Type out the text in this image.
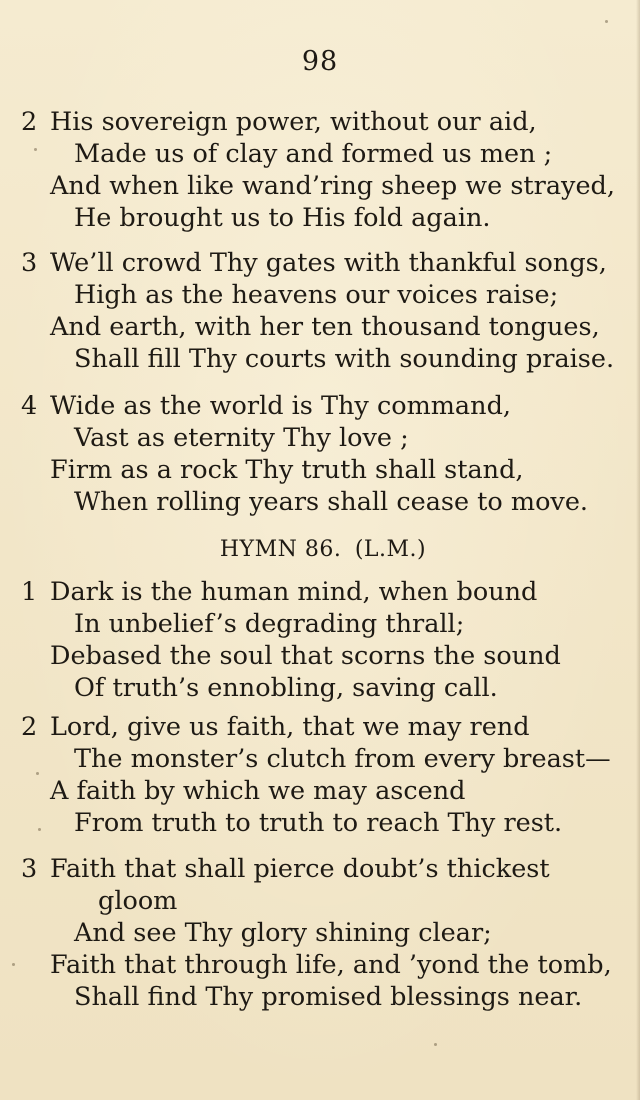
98
2 His sovereign power, without our aid,
Made us of clay and formed us men ;
And when like wand’ring sheep we strayed,
He brought us to His fold again.
3 We’ll crowd Thy gates with thankful songs,
High as the heavens our voices raise;
And earth, with her ten thousand tongues,
Shall fill Thy courts with sounding praise.
4 Wide as the world is Thy command,
Vast as eternity Thy love ;
Firm as a rock Thy truth shall stand,
When rolling years shall cease to move.
HYMN 86. (L.M.)
1 Dark is the human mind, when bound
In unbelief’s degrading thrall;
Debased the soul that scorns the sound
Of truth’s ennobling, saving call.
2 Lord, give us faith, that we may rend
The monster’s clutch from every breast—
A faith by which we may ascend
From truth to truth to reach Thy rest.
3 Faith that shall pierce doubt’s thickest
gloom
And see Thy glory shining clear;
Faith that through life, and ’yond the tomb,
Shall find Thy promised blessings near.
